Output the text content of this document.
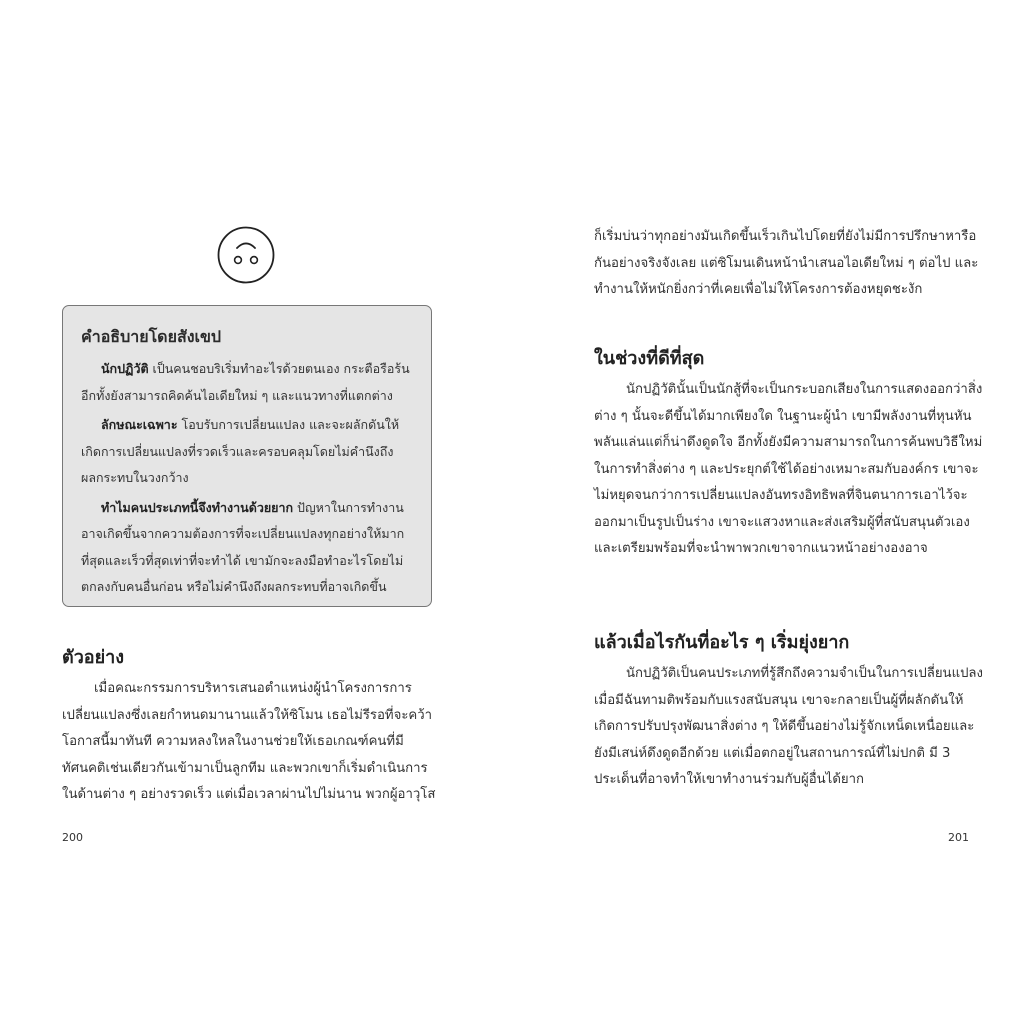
คำอธิบายโดยสังเขป

นักปฏิวัติ เป็นคนชอบริเริ่มทำอะไรด้วยตนเอง กระตือรือร้น อีกทั้งยังสามารถคิดค้นไอเดียใหม่ ๆ และแนวทางที่แตกต่าง

ลักษณะเฉพาะ โอบรับการเปลี่ยนแปลง และจะผลักดันให้เกิดการเปลี่ยนแปลงที่รวดเร็วและครอบคลุมโดยไม่คำนึงถึงผลกระทบในวงกว้าง

ทำไมคนประเภทนี้จึงทำงานด้วยยาก ปัญหาในการทำงานอาจเกิดขึ้นจากความต้องการที่จะเปลี่ยนแปลงทุกอย่างให้มากที่สุดและเร็วที่สุดเท่าที่จะทำได้ เขามักจะลงมือทำอะไรโดยไม่ตกลงกับคนอื่นก่อน หรือไม่คำนึงถึงผลกระทบที่อาจเกิดขึ้น

ตัวอย่าง

เมื่อคณะกรรมการบริหารเสนอตำแหน่งผู้นำโครงการการเปลี่ยนแปลงซึ่งเลยกำหนดมานานแล้วให้ซิโมน เธอไม่รีรอที่จะคว้าโอกาสนี้มาทันที ความหลงใหลในงานช่วยให้เธอเกณฑ์คนที่มีทัศนคติเช่นเดียวกันเข้ามาเป็นลูกทีม และพวกเขาก็เริ่มดำเนินการในด้านต่าง ๆ อย่างรวดเร็ว แต่เมื่อเวลาผ่านไปไม่นาน พวกผู้อาวุโส

200

ก็เริ่มบ่นว่าทุกอย่างมันเกิดขึ้นเร็วเกินไปโดยที่ยังไม่มีการปรึกษาหารือกันอย่างจริงจังเลย แต่ซิโมนเดินหน้านำเสนอไอเดียใหม่ ๆ ต่อไป และทำงานให้หนักยิ่งกว่าที่เคยเพื่อไม่ให้โครงการต้องหยุดชะงัก

ในช่วงที่ดีที่สุด

นักปฏิวัตินั้นเป็นนักสู้ที่จะเป็นกระบอกเสียงในการแสดงออกว่าสิ่งต่าง ๆ นั้นจะดีขึ้นได้มากเพียงใด ในฐานะผู้นำ เขามีพลังงานที่หุนหันพลันแล่นแต่ก็น่าดึงดูดใจ อีกทั้งยังมีความสามารถในการค้นพบวิธีใหม่ในการทำสิ่งต่าง ๆ และประยุกต์ใช้ได้อย่างเหมาะสมกับองค์กร เขาจะไม่หยุดจนกว่าการเปลี่ยนแปลงอันทรงอิทธิพลที่จินตนาการเอาไว้จะออกมาเป็นรูปเป็นร่าง เขาจะแสวงหาและส่งเสริมผู้ที่สนับสนุนตัวเอง และเตรียมพร้อมที่จะนำพาพวกเขาจากแนวหน้าอย่างองอาจ

แล้วเมื่อไรกันที่อะไร ๆ เริ่มยุ่งยาก

นักปฏิวัติเป็นคนประเภทที่รู้สึกถึงความจำเป็นในการเปลี่ยนแปลง เมื่อมีฉันทามติพร้อมกับแรงสนับสนุน เขาจะกลายเป็นผู้ที่ผลักดันให้เกิดการปรับปรุงพัฒนาสิ่งต่าง ๆ ให้ดีขึ้นอย่างไม่รู้จักเหน็ดเหนื่อยและยังมีเสน่ห์ดึงดูดอีกด้วย แต่เมื่อตกอยู่ในสถานการณ์ที่ไม่ปกติ มี 3 ประเด็นที่อาจทำให้เขาทำงานร่วมกับผู้อื่นได้ยาก

201
